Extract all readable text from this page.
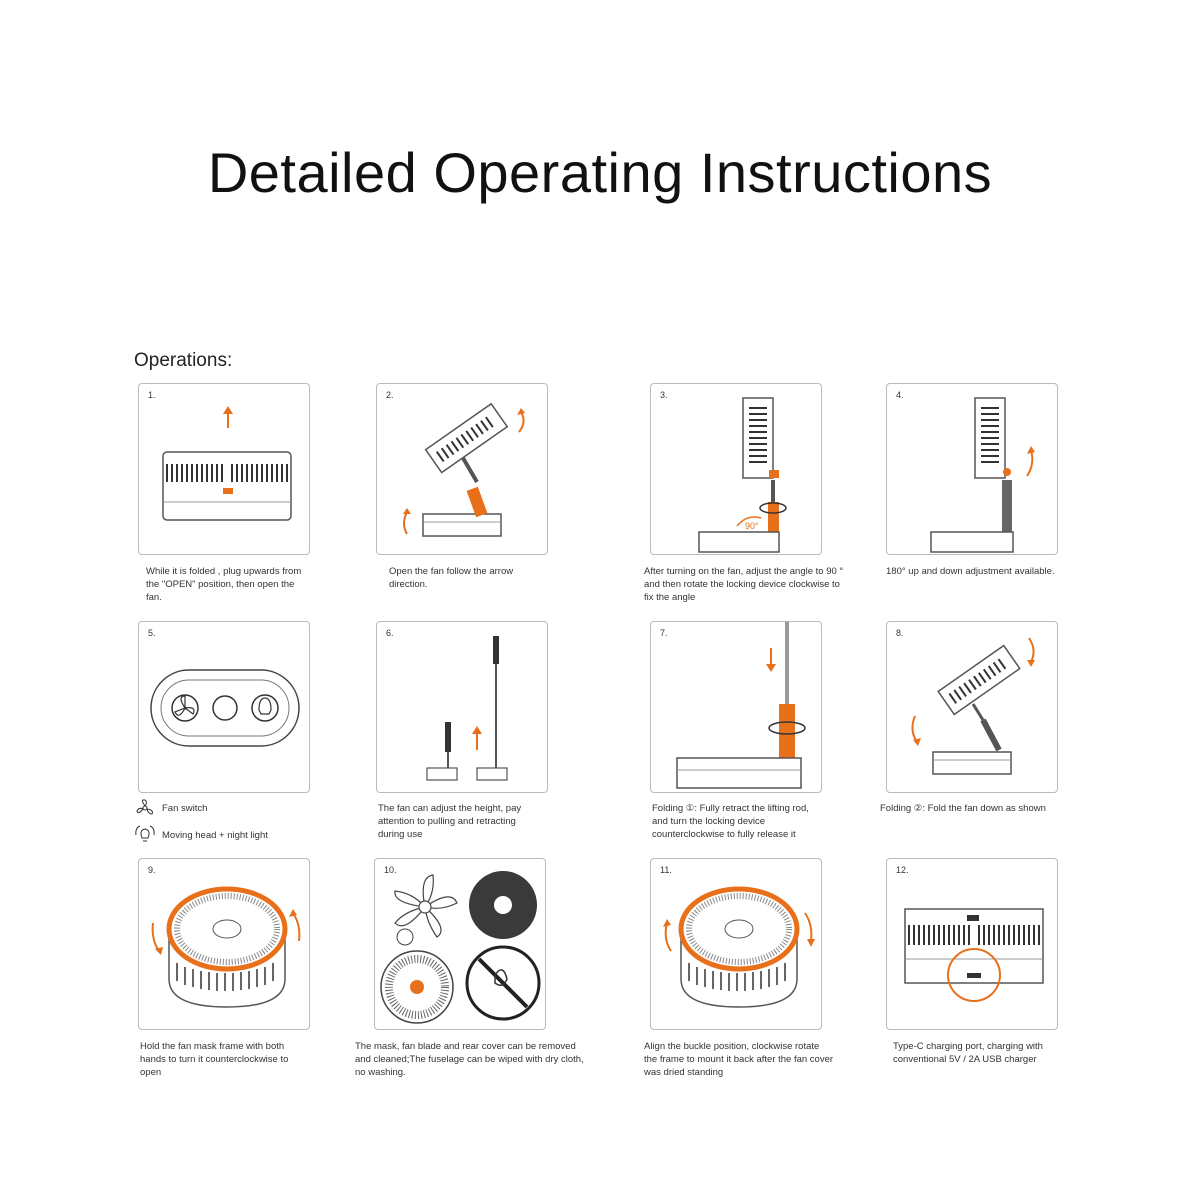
Detailed Operating Instructions
Operations:
1.
While it is folded , plug upwards from the "OPEN" position, then open the fan.
2.
Open the fan follow the arrow direction.
3.
90°
After turning on the fan, adjust the angle to 90 ° and then rotate the locking device clockwise to fix the angle
4.
180° up and down adjustment available.
5.
Fan switch
Moving head + night light
6.
The fan can adjust the height, pay attention to pulling and retracting during use
7.
Folding ①: Fully retract the lifting rod, and turn the locking device counterclockwise to fully release it
8.
Folding ②: Fold the fan down as shown
9.
Hold the fan mask frame with both hands to turn it counterclockwise to open
10.
The mask, fan blade and rear cover can be removed and cleaned;The fuselage can be wiped with dry cloth, no washing.
11.
Align the buckle position, clockwise rotate the frame to mount it back after the fan cover was dried standing
12.
Type-C charging port, charging with conventional 5V / 2A USB charger
